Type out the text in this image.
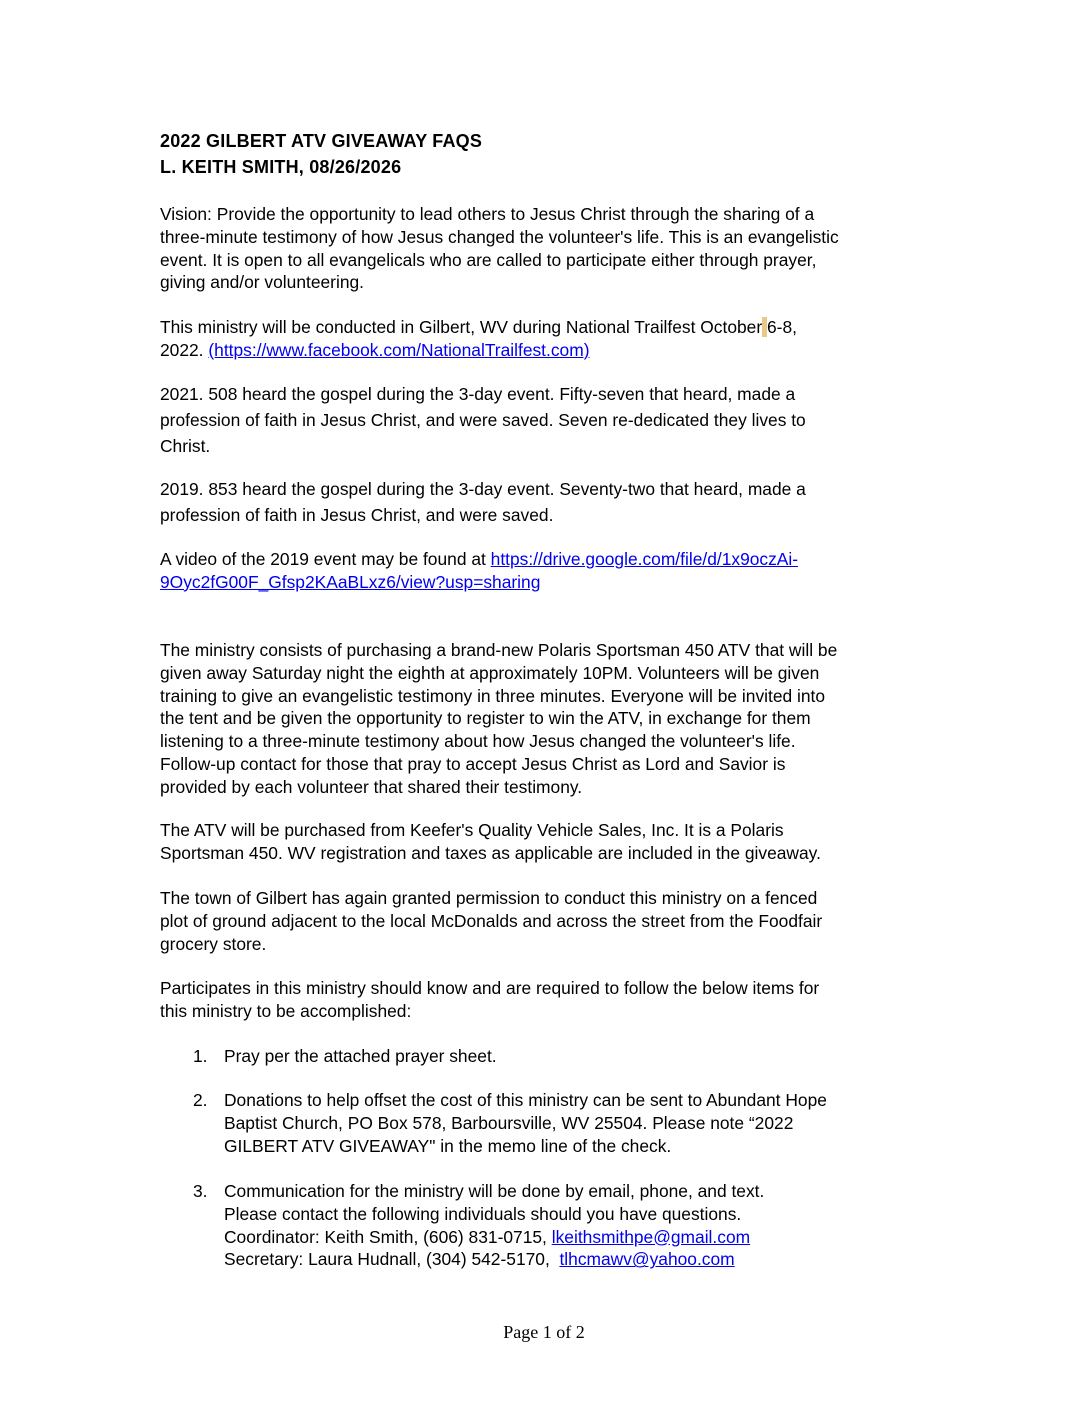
2022 GILBERT ATV GIVEAWAY FAQS
L. KEITH SMITH, 08/26/2026
Vision: Provide the opportunity to lead others to Jesus Christ through the sharing of a
three-minute testimony of how Jesus changed the volunteer's life. This is an evangelistic
event. It is open to all evangelicals who are called to participate either through prayer,
giving and/or volunteering.
This ministry will be conducted in Gilbert, WV during National Trailfest October 6-8,
2022. (https://www.facebook.com/NationalTrailfest.com)
2021. 508 heard the gospel during the 3-day event. Fifty-seven that heard, made a
profession of faith in Jesus Christ, and were saved. Seven re-dedicated they lives to
Christ.
2019. 853 heard the gospel during the 3-day event. Seventy-two that heard, made a
profession of faith in Jesus Christ, and were saved.
A video of the 2019 event may be found at https://drive.google.com/file/d/1x9oczAi-
9Oyc2fG00F_Gfsp2KAaBLxz6/view?usp=sharing
The ministry consists of purchasing a brand-new Polaris Sportsman 450 ATV that will be
given away Saturday night the eighth at approximately 10PM. Volunteers will be given
training to give an evangelistic testimony in three minutes. Everyone will be invited into
the tent and be given the opportunity to register to win the ATV, in exchange for them
listening to a three-minute testimony about how Jesus changed the volunteer's life.
Follow-up contact for those that pray to accept Jesus Christ as Lord and Savior is
provided by each volunteer that shared their testimony.
The ATV will be purchased from Keefer's Quality Vehicle Sales, Inc. It is a Polaris
Sportsman 450. WV registration and taxes as applicable are included in the giveaway.
The town of Gilbert has again granted permission to conduct this ministry on a fenced
plot of ground adjacent to the local McDonalds and across the street from the Foodfair
grocery store.
Participates in this ministry should know and are required to follow the below items for
this ministry to be accomplished:
1. Pray per the attached prayer sheet.
2. Donations to help offset the cost of this ministry can be sent to Abundant Hope
Baptist Church, PO Box 578, Barboursville, WV 25504. Please note “2022
GILBERT ATV GIVEAWAY" in the memo line of the check.
3. Communication for the ministry will be done by email, phone, and text.
Please contact the following individuals should you have questions.
Coordinator: Keith Smith, (606) 831-0715, lkeithsmithpe@gmail.com
Secretary: Laura Hudnall, (304) 542-5170,  tlhcmawv@yahoo.com
Page 1 of 2
